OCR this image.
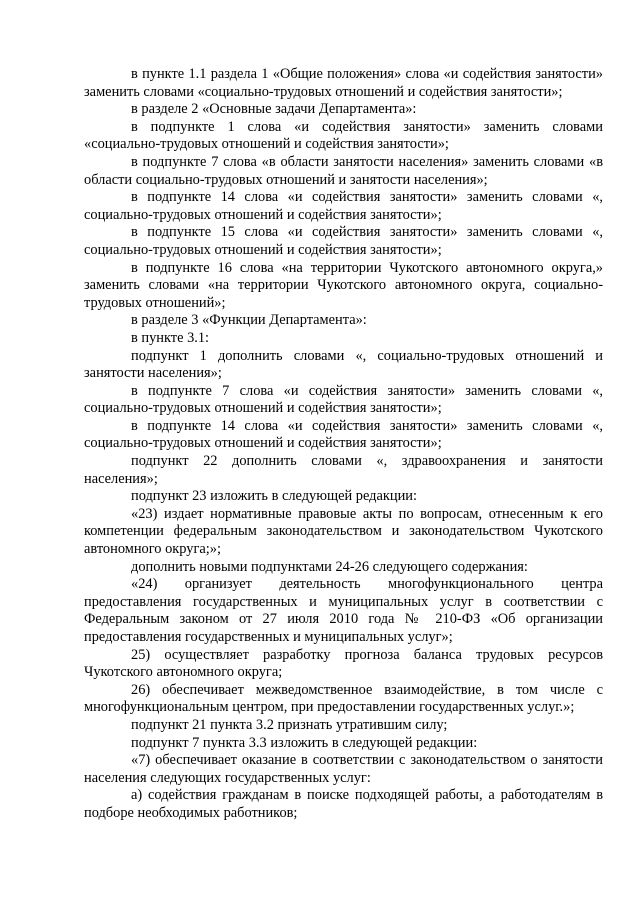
в пункте 1.1 раздела 1 «Общие положения» слова «и содействия занятости» заменить словами «социально-трудовых отношений и содействия занятости»;

в разделе 2 «Основные задачи Департамента»:

в подпункте 1 слова «и содействия занятости» заменить словами «социально-трудовых отношений и содействия занятости»;

в подпункте 7 слова «в области занятости населения» заменить словами «в области социально-трудовых отношений и занятости населения»;

в подпункте 14 слова «и содействия занятости» заменить словами «, социально-трудовых отношений и содействия занятости»;

в подпункте 15 слова «и содействия занятости» заменить словами «, социально-трудовых отношений и содействия занятости»;

в подпункте 16 слова «на территории Чукотского автономного округа,» заменить словами «на территории Чукотского автономного округа, социально-трудовых отношений»;

в разделе 3 «Функции Департамента»:

в пункте 3.1:

подпункт 1 дополнить словами «, социально-трудовых отношений и занятости населения»;

в подпункте 7 слова «и содействия занятости» заменить словами «, социально-трудовых отношений и содействия занятости»;

в подпункте 14 слова «и содействия занятости» заменить словами «, социально-трудовых отношений и содействия занятости»;

подпункт 22 дополнить словами «, здравоохранения и занятости населения»;

подпункт 23 изложить в следующей редакции:

«23) издает нормативные правовые акты по вопросам, отнесенным к его компетенции федеральным законодательством и законодательством Чукотского автономного округа;»;

дополнить новыми подпунктами 24-26 следующего содержания:

«24) организует деятельность многофункционального центра предоставления государственных и муниципальных услуг в соответствии с Федеральным законом от 27 июля 2010 года № 210-ФЗ «Об организации предоставления государственных и муниципальных услуг»;

25) осуществляет разработку прогноза баланса трудовых ресурсов Чукотского автономного округа;

26) обеспечивает межведомственное взаимодействие, в том числе с многофункциональным центром, при предоставлении государственных услуг.»;

подпункт 21 пункта 3.2 признать утратившим силу;

подпункт 7 пункта 3.3 изложить в следующей редакции:

«7) обеспечивает оказание в соответствии с законодательством о занятости населения следующих государственных услуг:

а) содействия гражданам в поиске подходящей работы, а работодателям в подборе необходимых работников;
